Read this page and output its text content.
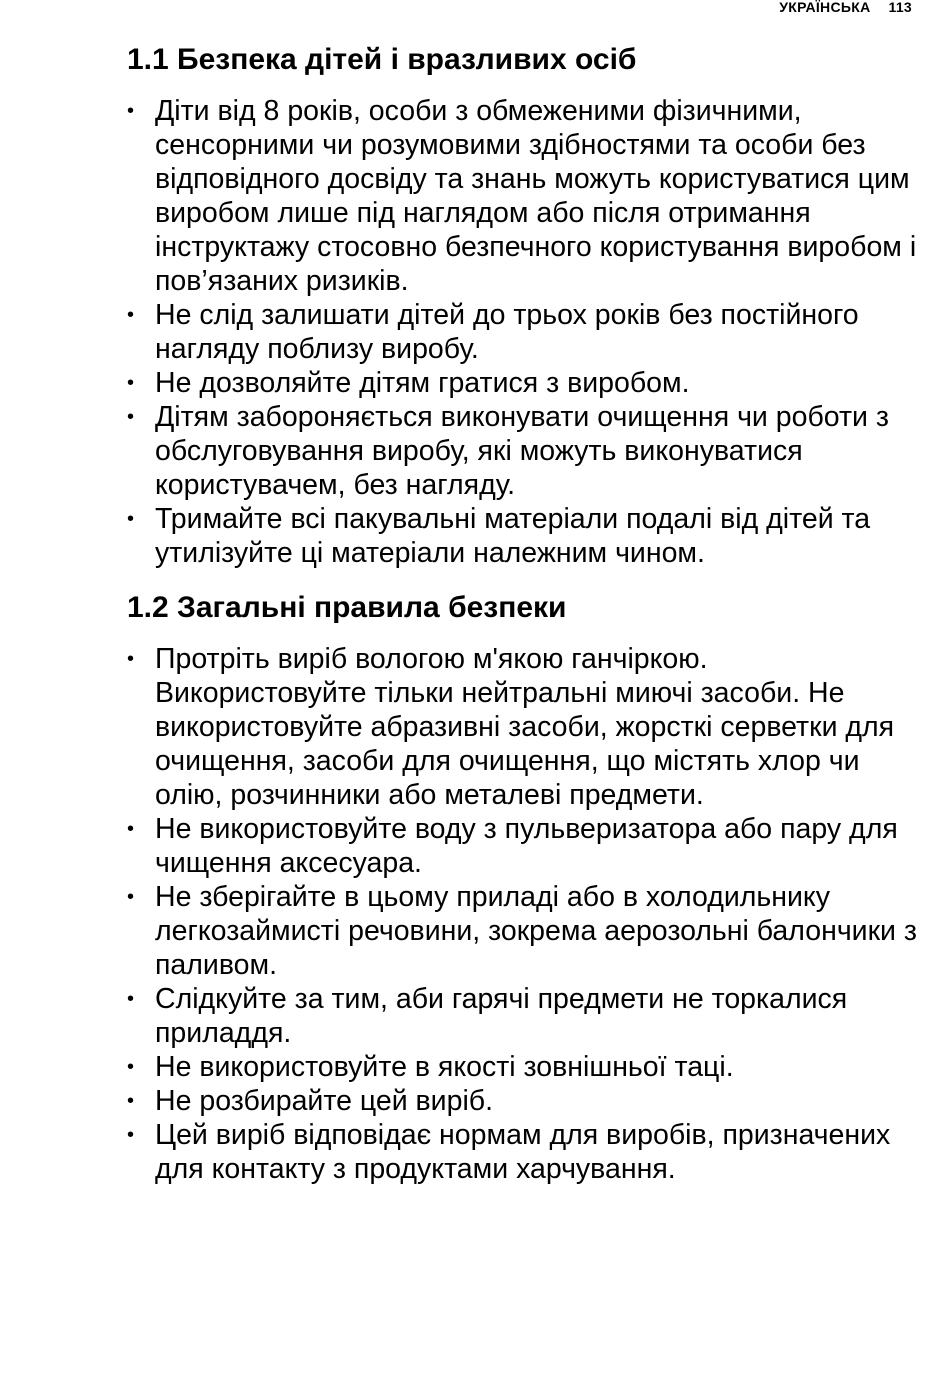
УКРАЇНСЬКА 113
1.1 Безпека дітей і вразливих осіб
• Діти від 8 років, особи з обмеженими фізичними, сенсорними чи розумовими здібностями та особи без відповідного досвіду та знань можуть користуватися цим виробом лише під наглядом або після отримання інструктажу стосовно безпечного користування виробом і пов’язаних ризиків.
• Не слід залишати дітей до трьох років без постійного нагляду поблизу виробу.
• Не дозволяйте дітям гратися з виробом.
• Дітям забороняється виконувати очищення чи роботи з обслуговування виробу, які можуть виконуватися користувачем, без нагляду.
• Тримайте всі пакувальні матеріали подалі від дітей та утилізуйте ці матеріали належним чином.
1.2 Загальні правила безпеки
• Протріть виріб вологою м'якою ганчіркою. Використовуйте тільки нейтральні миючі засоби. Не використовуйте абразивні засоби, жорсткі серветки для очищення, засоби для очищення, що містять хлор чи олію, розчинники або металеві предмети.
• Не використовуйте воду з пульверизатора або пару для чищення аксесуара.
• Не зберігайте в цьому приладі або в холодильнику легкозаймисті речовини, зокрема аерозольні балончики з паливом.
• Слідкуйте за тим, аби гарячі предмети не торкалися приладдя.
• Не використовуйте в якості зовнішньої таці.
• Не розбирайте цей виріб.
• Цей виріб відповідає нормам для виробів, призначених для контакту з продуктами харчування.
